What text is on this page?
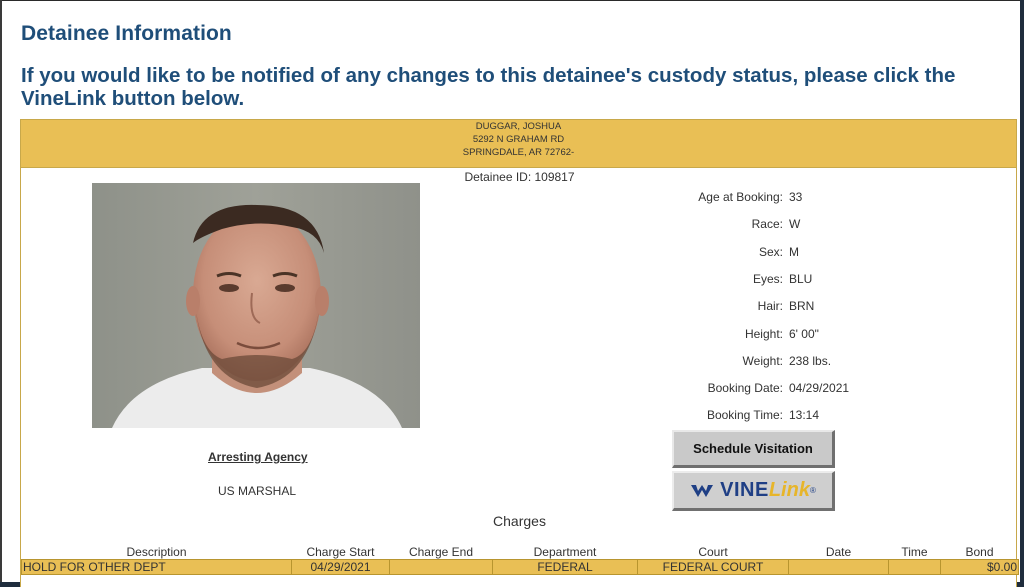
Detainee Information

If you would like to be notified of any changes to this detainee's custody status, please click the VineLink button below.

DUGGAR, JOSHUA
5292 N GRAHAM RD
SPRINGDALE, AR 72762-
Detainee ID: 109817
Arresting Agency
US MARSHAL
Age at Booking: 33
Race: W
Sex: M
Eyes: BLU
Hair: BRN
Height: 6' 00"
Weight: 238 lbs.
Booking Date: 04/29/2021
Booking Time: 13:14
Schedule Visitation
VINE Link ®
Charges
Description	Charge Start	Charge End	Department	Court	Date	Time	Bond
HOLD FOR OTHER DEPT	04/29/2021		FEDERAL	FEDERAL COURT			$0.00
